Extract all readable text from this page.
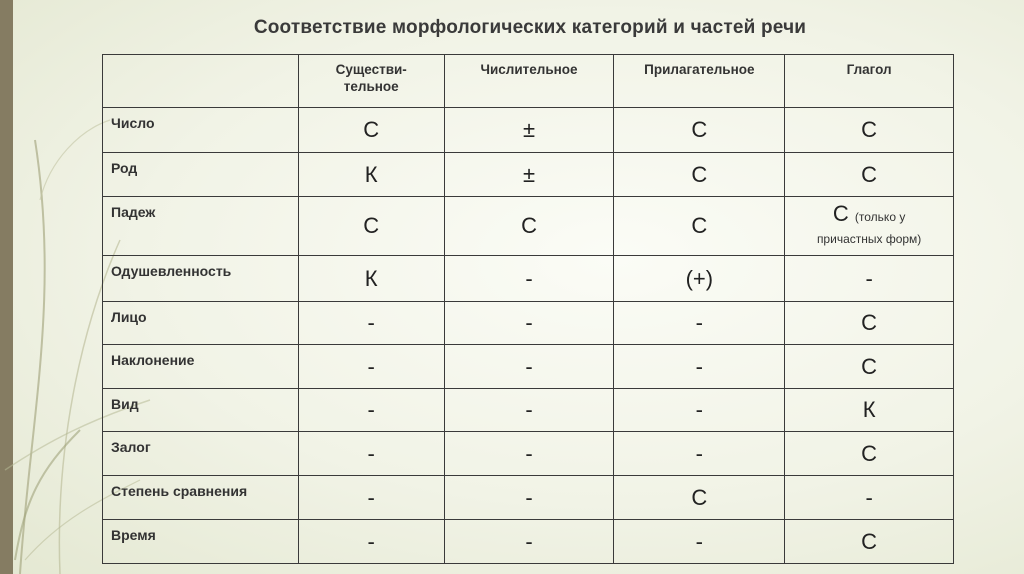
Соответствие морфологических категорий и частей речи
	Существи-
тельное	Числительное	Прилагательное	Глагол
Число	С	±	С	С
Род	К	±	С	С
Падеж	С	С	С	С (только у
причастных форм)
Одушевленность	К	-	(+)	-
Лицо	-	-	-	С
Наклонение	-	-	-	С
Вид	-	-	-	К
Залог	-	-	-	С
Степень сравнения	-	-	С	-
Время	-	-	-	С
